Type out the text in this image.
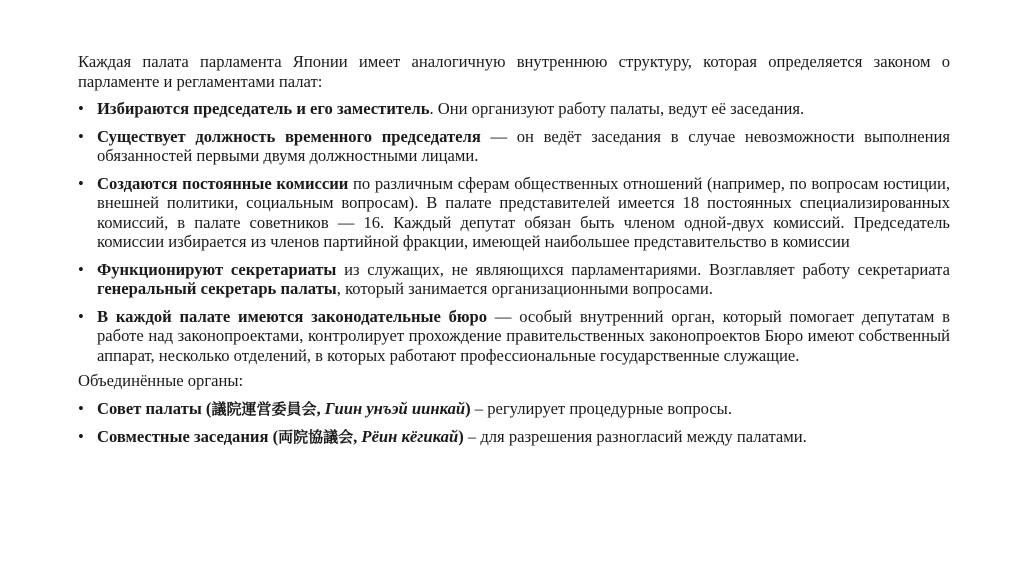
Каждая палата парламента Японии имеет аналогичную внутреннюю структуру, которая определяется законом о парламенте и регламентами палат:

• Избираются председатель и его заместитель. Они организуют работу палаты, ведут её заседания.
• Существует должность временного председателя — он ведёт заседания в случае невозможности выполнения обязанностей первыми двумя должностными лицами.
• Создаются постоянные комиссии по различным сферам общественных отношений (например, по вопросам юстиции, внешней политики, социальным вопросам). В палате представителей имеется 18 постоянных специализированных комиссий, в палате советников — 16. Каждый депутат обязан быть членом одной-двух комиссий. Председатель комиссии избирается из членов партийной фракции, имеющей наибольшее представительство в комиссии
• Функционируют секретариаты из служащих, не являющихся парламентариями. Возглавляет работу секретариата генеральный секретарь палаты, который занимается организационными вопросами.
• В каждой палате имеются законодательные бюро — особый внутренний орган, который помогает депутатам в работе над законопроектами, контролирует прохождение правительственных законопроектов Бюро имеют собственный аппарат, несколько отделений, в которых работают профессиональные государственные служащие.

Объединённые органы:

• Совет палаты (議院運営委員会, Гиин унъэй иинкай) – регулирует процедурные вопросы.
• Совместные заседания (両院協議会, Рёин кёгикай) – для разрешения разногласий между палатами.
